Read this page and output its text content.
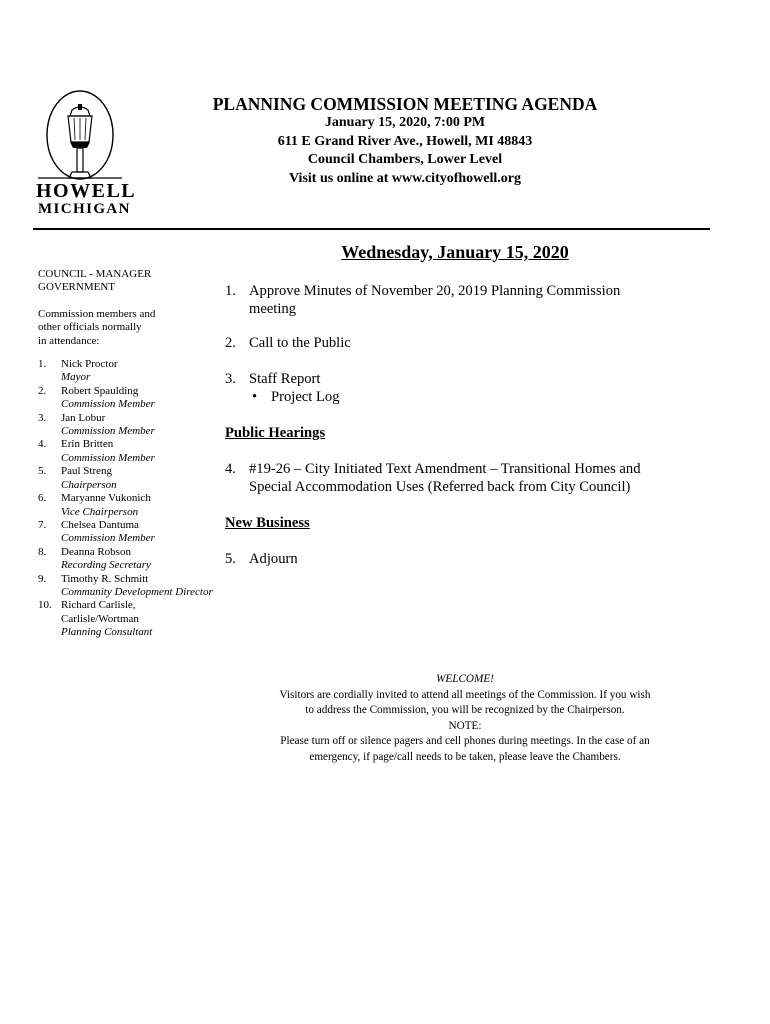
HOWELL
MICHIGAN
PLANNING COMMISSION MEETING AGENDA
January 15, 2020, 7:00 PM
611 E Grand River Ave., Howell, MI 48843
Council Chambers, Lower Level
Visit us online at www.cityofhowell.org
Wednesday, January 15, 2020

COUNCIL - MANAGER

GOVERNMENT

Commission members and

other officials normally

in attendance:

1. Nick Proctor
Mayor
2. Robert Spaulding
Commission Member
3. Jan Lobur
Commission Member
4. Erin Britten
Commission Member
5. Paul Streng
Chairperson
6. Maryanne Vukonich
Vice Chairperson
7. Chelsea Dantuma
Commission Member
8. Deanna Robson
Recording Secretary
9. Timothy R. Schmitt
Community Development Director
10. Richard Carlisle, Carlisle/Wortman
Planning Consultant
1. Approve Minutes of November 20, 2019 Planning Commission
meeting
2. Call to the Public
3. Staff Report
• Project Log
Public Hearings
4. #19-26 – City Initiated Text Amendment – Transitional Homes and
Special Accommodation Uses (Referred back from City Council)
New Business
5. Adjourn
WELCOME!
Visitors are cordially invited to attend all meetings of the Commission. If you wish
to address the Commission, you will be recognized by the Chairperson.
NOTE:
Please turn off or silence pagers and cell phones during meetings. In the case of an
emergency, if page/call needs to be taken, please leave the Chambers.
